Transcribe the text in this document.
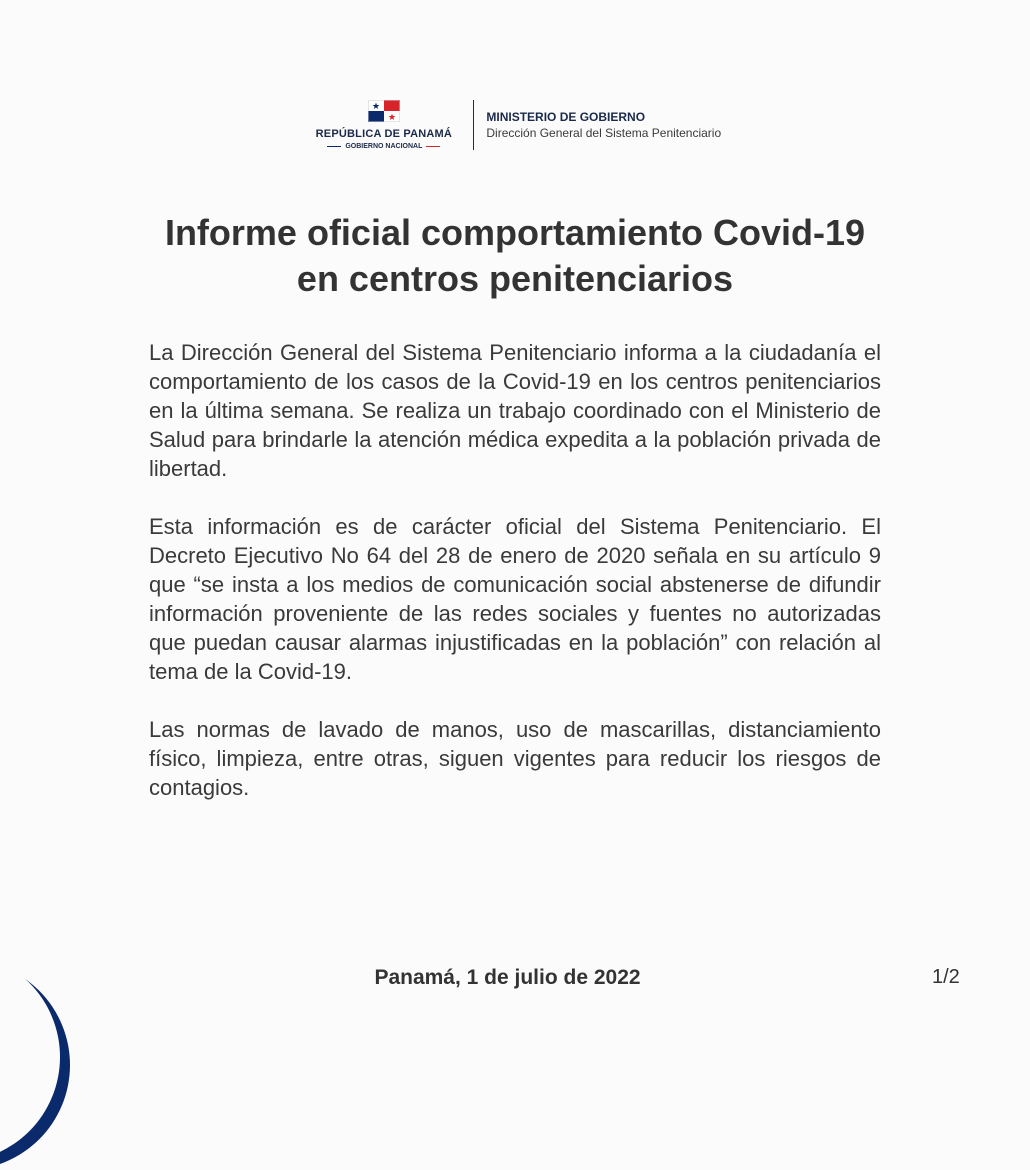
REPÚBLICA DE PANAMÁ
GOBIERNO NACIONAL
MINISTERIO DE GOBIERNO
Dirección General del Sistema Penitenciario
Informe oficial comportamiento Covid-19
en centros penitenciarios

La Dirección General del Sistema Penitenciario informa a la ciudadanía el comportamiento de los casos de la Covid-19 en los centros penitenciarios en la última semana. Se realiza un trabajo coordinado con el Ministerio de Salud para brindarle la atención médica expedita a la población privada de libertad.

Esta información es de carácter oficial del Sistema Penitenciario. El Decreto Ejecutivo No 64 del 28 de enero de 2020 señala en su artículo 9 que “se insta a los medios de comunicación social abstenerse de difundir información proveniente de las redes sociales y fuentes no autorizadas que puedan causar alarmas injustificadas en la población” con relación al tema de la Covid-19.

Las normas de lavado de manos, uso de mascarillas, distanciamiento físico, limpieza, entre otras, siguen vigentes para reducir los riesgos de contagios.

Panamá, 1 de julio de 2022	1/2
